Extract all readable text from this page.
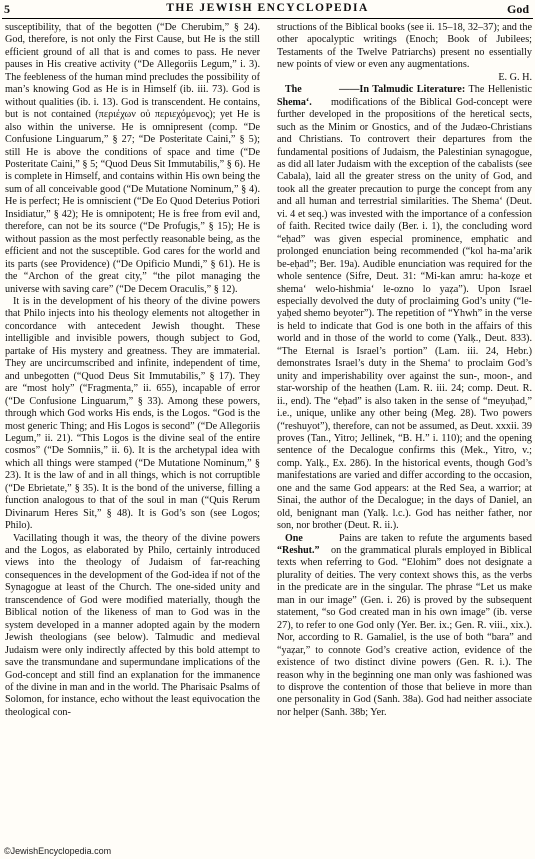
5	THE JEWISH ENCYCLOPEDIA	God

susceptibility, that of the begotten (“De Cherubim,” § 24). God, therefore, is not only the First Cause, but He is the still efficient ground of all that is and comes to pass. He never pauses in His creative activity (“De Allegoriis Legum,” i. 3). The feebleness of the human mind precludes the possibility of man’s knowing God as He is in Himself (ib. iii. 73). God is without qualities (ib. i. 13). God is transcendent. He contains, but is not contained (περιέχων οὐ περιεχόμενος); yet He is also within the universe. He is omnipresent (comp. “De Confusione Linguarum,” § 27; “De Posteritate Caini,” § 5); still He is above the conditions of space and time (“De Posteritate Caini,” § 5; “Quod Deus Sit Immutabilis,” § 6). He is complete in Himself, and contains within His own being the sum of all conceivable good (“De Mutatione Nominum,” § 4). He is perfect; He is omniscient (“De Eo Quod Deterius Potiori Insidiatur,” § 42); He is omnipotent; He is free from evil and, therefore, can not be its source (“De Profugis,” § 15); He is without passion as the most perfectly reasonable being, as the efficient and not the susceptible. God cares for the world and its parts (see Providence) (“De Opificio Mundi,” § 61). He is the “Archon of the great city,” “the pilot managing the universe with saving care” (“De Decem Oraculis,” § 12).

It is in the development of his theory of the divine powers that Philo injects into his theology elements not altogether in concordance with antecedent Jewish thought. These intelligible and invisible powers, though subject to God, partake of His mystery and greatness. They are immaterial. They are uncircumscribed and infinite, independent of time, and unbegotten (“Quod Deus Sit Immutabilis,” § 17). They are “most holy” (“Fragmenta,” ii. 655), incapable of error (“De Confusione Linguarum,” § 33). Among these powers, through which God works His ends, is the Logos. “God is the most generic Thing; and His Logos is second” (“De Allegoriis Legum,” ii. 21). “This Logos is the divine seal of the entire cosmos” (“De Somniis,” ii. 6). It is the archetypal idea with which all things were stamped (“De Mutatione Nominum,” § 23). It is the law of and in all things, which is not corruptible (“De Ebrietate,” § 35). It is the bond of the universe, filling a function analogous to that of the soul in man (“Quis Rerum Divinarum Heres Sit,” § 48). It is God’s son (see Logos; Philo).

Vacillating though it was, the theory of the divine powers and the Logos, as elaborated by Philo, certainly introduced views into the theology of Judaism of far-reaching consequences in the development of the God-idea if not of the Synagogue at least of the Church. The one-sided unity and transcendence of God were modified materially, though the Biblical notion of the likeness of man to God was in the system developed in a manner adopted again by the modern Jewish theologians (see below). Talmudic and medieval Judaism were only indirectly affected by this bold attempt to save the transmundane and supermundane implications of the God-concept and still find an explanation for the immanence of the divine in man and in the world. The Pharisaic Psalms of Solomon, for instance, echo without the least equivocation the theological con-

structions of the Biblical books (see ii. 15–18, 32–37); and the other apocalyptic writings (Enoch; Book of Jubilees; Testaments of the Twelve Patriarchs) present no essentially new points of view or even any augmentations.

E. G. H.

The Shema‘.
——In Talmudic Literature: The Hellenistic modifications of the Biblical God-concept were further developed in the propositions of the heretical sects, such as the Minim or Gnostics, and of the Judæo-Christians and Christians. To controvert their departures from the fundamental positions of Judaism, the Palestinian synagogue, as did all later Judaism with the exception of the cabalists (see Cabala), laid all the greater stress on the unity of God, and took all the greater precaution to purge the concept from any and all human and terrestrial similarities. The Shema‘ (Deut. vi. 4 et seq.) was invested with the importance of a confession of faith. Recited twice daily (Ber. i. 1), the concluding word “eḥad” was given especial prominence, emphatic and prolonged enunciation being recommended (“kol ha-ma’arik be-eḥad”; Ber. 19a). Audible enunciation was required for the whole sentence (Sifre, Deut. 31: “Mi-kan amru: ha-koẓe et shema‘ welo-hishmia‘ le-ozno lo yaẓa”). Upon Israel especially devolved the duty of proclaiming God’s unity (“le-yaḥed shemo beyoter”). The repetition of “Yhwh” in the verse is held to indicate that God is one both in the affairs of this world and in those of the world to come (Yalḳ., Deut. 833). “The Eternal is Israel’s portion” (Lam. iii. 24, Hebr.) demonstrates Israel’s duty in the Shema‘ to proclaim God’s unity and imperishability over against the sun-, moon-, and star-worship of the heathen (Lam. R. iii. 24; comp. Deut. R. ii., end). The “eḥad” is also taken in the sense of “meyuḥad,” i.e., unique, unlike any other being (Meg. 28). Two powers (“reshuyot”), therefore, can not be assumed, as Deut. xxxii. 39 proves (Tan., Yitro; Jellinek, “B. H.” i. 110); and the opening sentence of the Decalogue confirms this (Mek., Yitro, v.; comp. Yalḳ., Ex. 286). In the historical events, though God’s manifestations are varied and differ according to the occasion, one and the same God appears: at the Red Sea, a warrior; at Sinai, the author of the Decalogue; in the days of Daniel, an old, benignant man (Yalḳ. l.c.). God has neither father, nor son, nor brother (Deut. R. ii.).

One “Reshut.”
Pains are taken to refute the arguments based on the grammatical plurals employed in Biblical texts when referring to God. “Elohim” does not designate a plurality of deities. The very context shows this, as the verbs in the predicate are in the singular. The phrase “Let us make man in our image” (Gen. i. 26) is proved by the subsequent statement, “so God created man in his own image” (ib. verse 27), to refer to one God only (Yer. Ber. ix.; Gen. R. viii., xix.). Nor, according to R. Gamaliel, is the use of both “bara” and “yaẓar,” to connote God’s creative action, evidence of the existence of two distinct divine powers (Gen. R. i.). The reason why in the beginning one man only was fashioned was to disprove the contention of those that believe in more than one personality in God (Sanh. 38a). God had neither associate nor helper (Sanh. 38b; Yer.

©JewishEncyclopedia.com
